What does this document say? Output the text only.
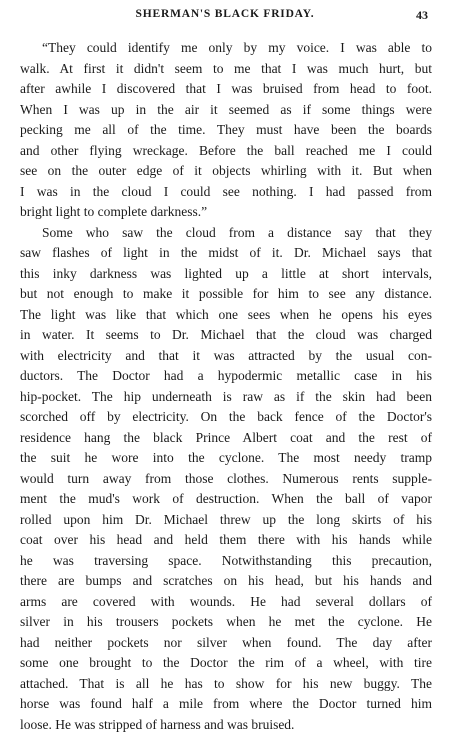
SHERMAN'S BLACK FRIDAY.	43
“They could identify me only by my voice. I was able to
walk. At first it didn't seem to me that I was much hurt, but
after awhile I discovered that I was bruised from head to foot.
When I was up in the air it seemed as if some things were
pecking me all of the time. They must have been the boards
and other flying wreckage. Before the ball reached me I could
see on the outer edge of it objects whirling with it. But when
I was in the cloud I could see nothing. I had passed from
bright light to complete darkness.”
Some who saw the cloud from a distance say that they
saw flashes of light in the midst of it. Dr. Michael says that
this inky darkness was lighted up a little at short intervals,
but not enough to make it possible for him to see any distance.
The light was like that which one sees when he opens his eyes
in water. It seems to Dr. Michael that the cloud was charged
with electricity and that it was attracted by the usual con-
ductors. The Doctor had a hypodermic metallic case in his
hip-pocket. The hip underneath is raw as if the skin had been
scorched off by electricity. On the back fence of the Doctor's
residence hang the black Prince Albert coat and the rest of
the suit he wore into the cyclone. The most needy tramp
would turn away from those clothes. Numerous rents supple-
ment the mud's work of destruction. When the ball of vapor
rolled upon him Dr. Michael threw up the long skirts of his
coat over his head and held them there with his hands while
he was traversing space. Notwithstanding this precaution,
there are bumps and scratches on his head, but his hands and
arms are covered with wounds. He had several dollars of
silver in his trousers pockets when he met the cyclone. He
had neither pockets nor silver when found. The day after
some one brought to the Doctor the rim of a wheel, with tire
attached. That is all he has to show for his new buggy. The
horse was found half a mile from where the Doctor turned him
loose. He was stripped of harness and was bruised.
